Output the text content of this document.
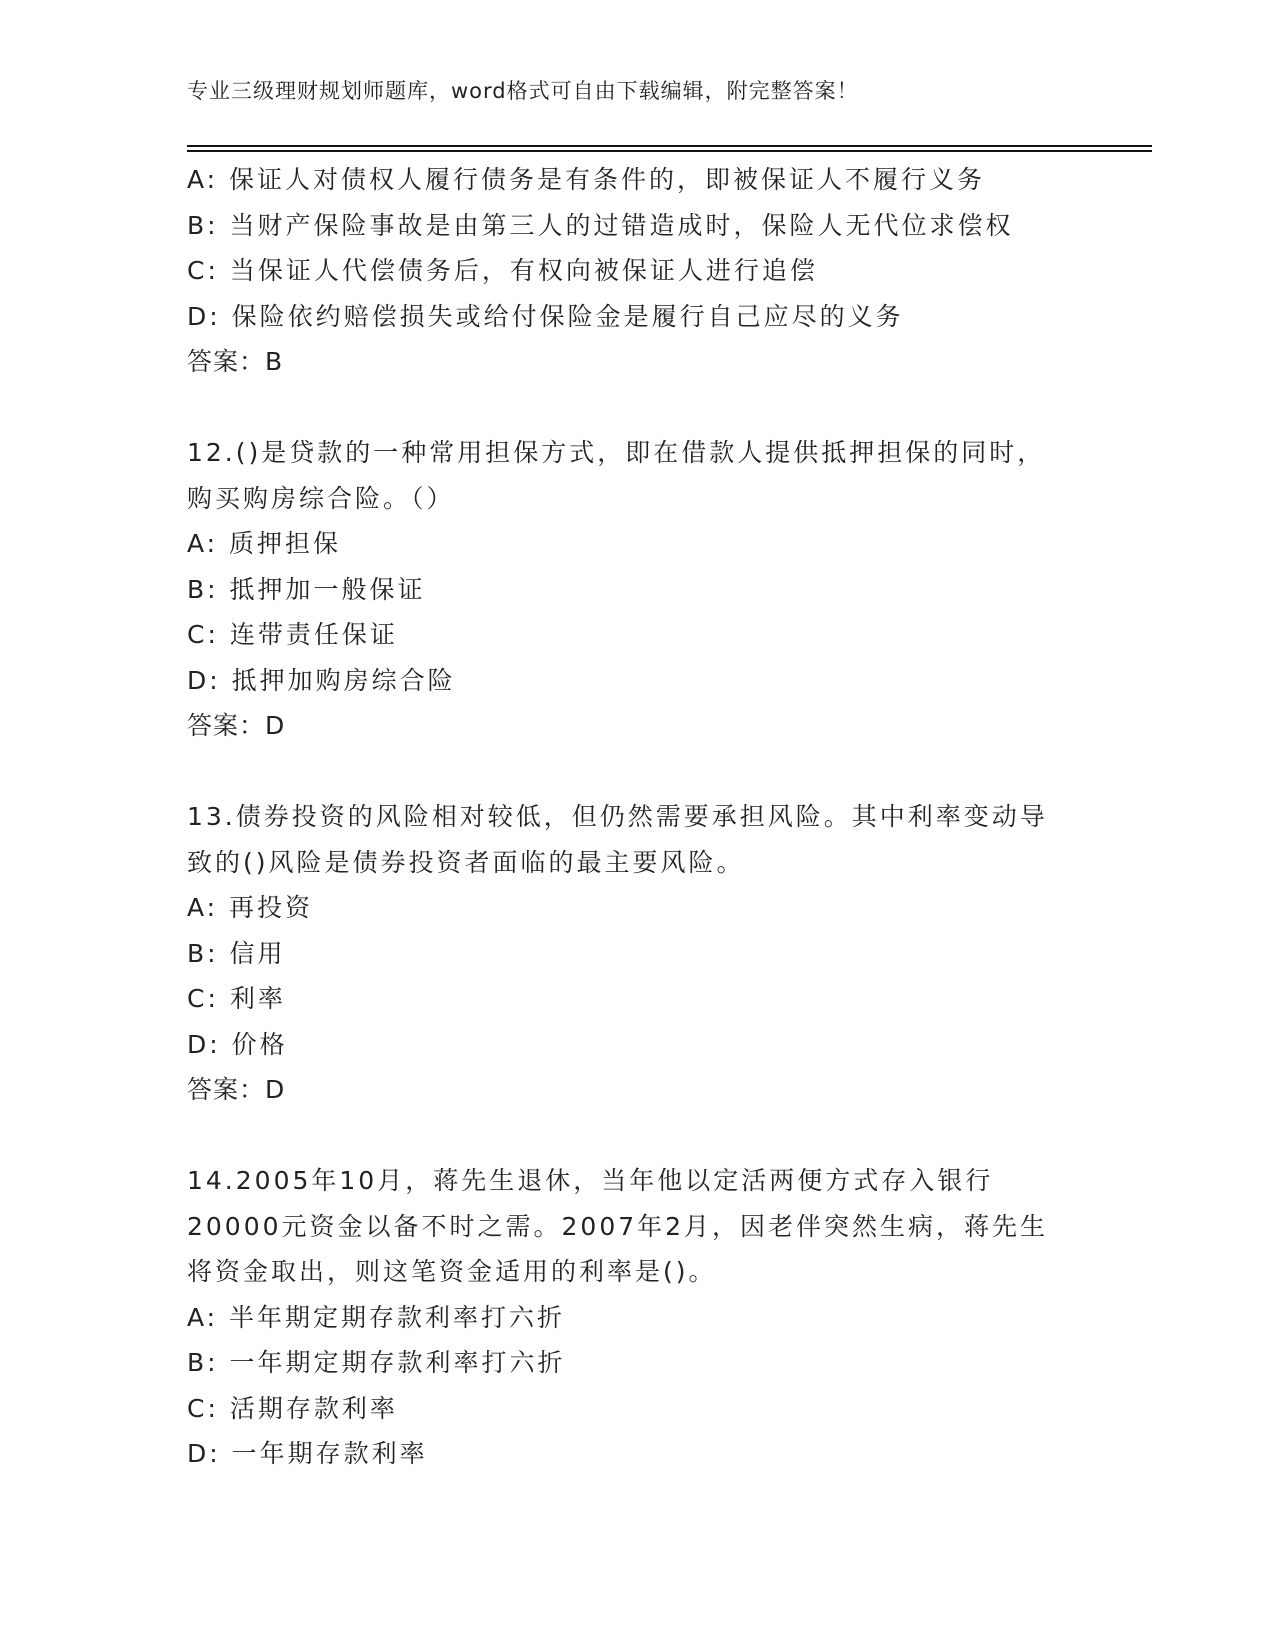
专业三级理财规划师题库，word格式可自由下载编辑，附完整答案！
A: 保证人对债权人履行债务是有条件的，即被保证人不履行义务
B: 当财产保险事故是由第三人的过错造成时，保险人无代位求偿权
C: 当保证人代偿债务后，有权向被保证人进行追偿
D: 保险依约赔偿损失或给付保险金是履行自己应尽的义务
答案：B
12.()是贷款的一种常用担保方式，即在借款人提供抵押担保的同时，
购买购房综合险。（）
A: 质押担保
B: 抵押加一般保证
C: 连带责任保证
D: 抵押加购房综合险
答案：D
13.债券投资的风险相对较低，但仍然需要承担风险。其中利率变动导
致的()风险是债券投资者面临的最主要风险。
A: 再投资
B: 信用
C: 利率
D: 价格
答案：D
14.2005年10月，蒋先生退休，当年他以定活两便方式存入银行
20000元资金以备不时之需。2007年2月，因老伴突然生病，蒋先生
将资金取出，则这笔资金适用的利率是()。
A: 半年期定期存款利率打六折
B: 一年期定期存款利率打六折
C: 活期存款利率
D: 一年期存款利率
